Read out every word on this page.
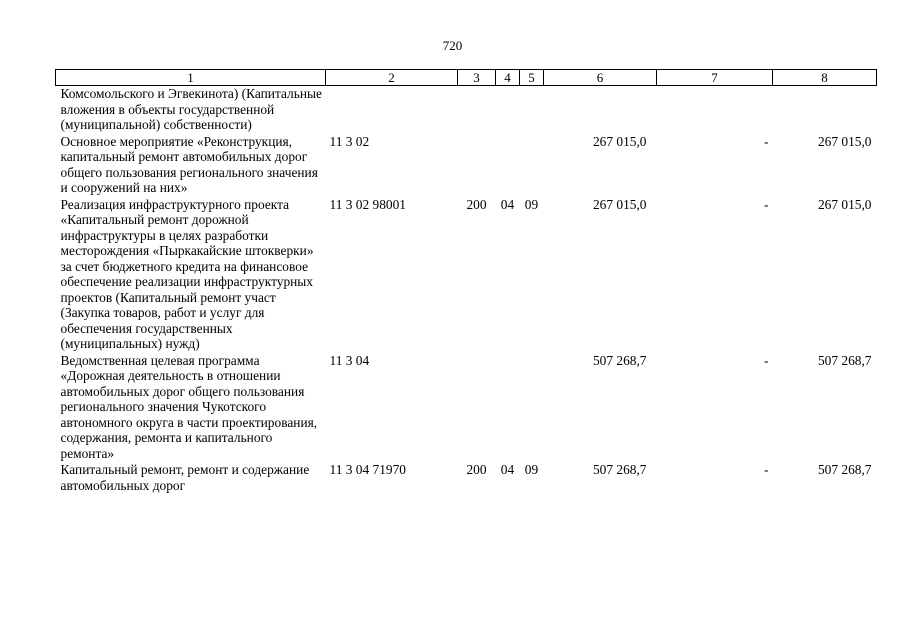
720
1	2	3	4	5	6	7	8
Комсомольского и Эгвекинота) (Капитальные вложения в объекты государственной (муниципальной) собственности)							
Основное мероприятие «Реконструкция, капитальный ремонт автомобильных дорог общего пользования регионального значения и сооружений на них»	11 3 02				267 015,0	-	267 015,0
Реализация инфраструктурного проекта «Капитальный ремонт дорожной инфраструктуры в целях разработки месторождения «Пыркакайские штокверки» за счет бюджетного кредита на финансовое обеспечение реализации инфраструктурных проектов (Капитальный ремонт участ (Закупка товаров, работ и услуг для обеспечения государственных (муниципальных) нужд)	11 3 02 98001	200	04	09	267 015,0	-	267 015,0
Ведомственная целевая программа «Дорожная деятельность в отношении автомобильных дорог общего пользования регионального значения Чукотского автономного округа в части проектирования, содержания, ремонта и капитального ремонта»	11 3 04				507 268,7	-	507 268,7
Капитальный ремонт, ремонт и содержание автомобильных дорог	11 3 04 71970	200	04	09	507 268,7	-	507 268,7
